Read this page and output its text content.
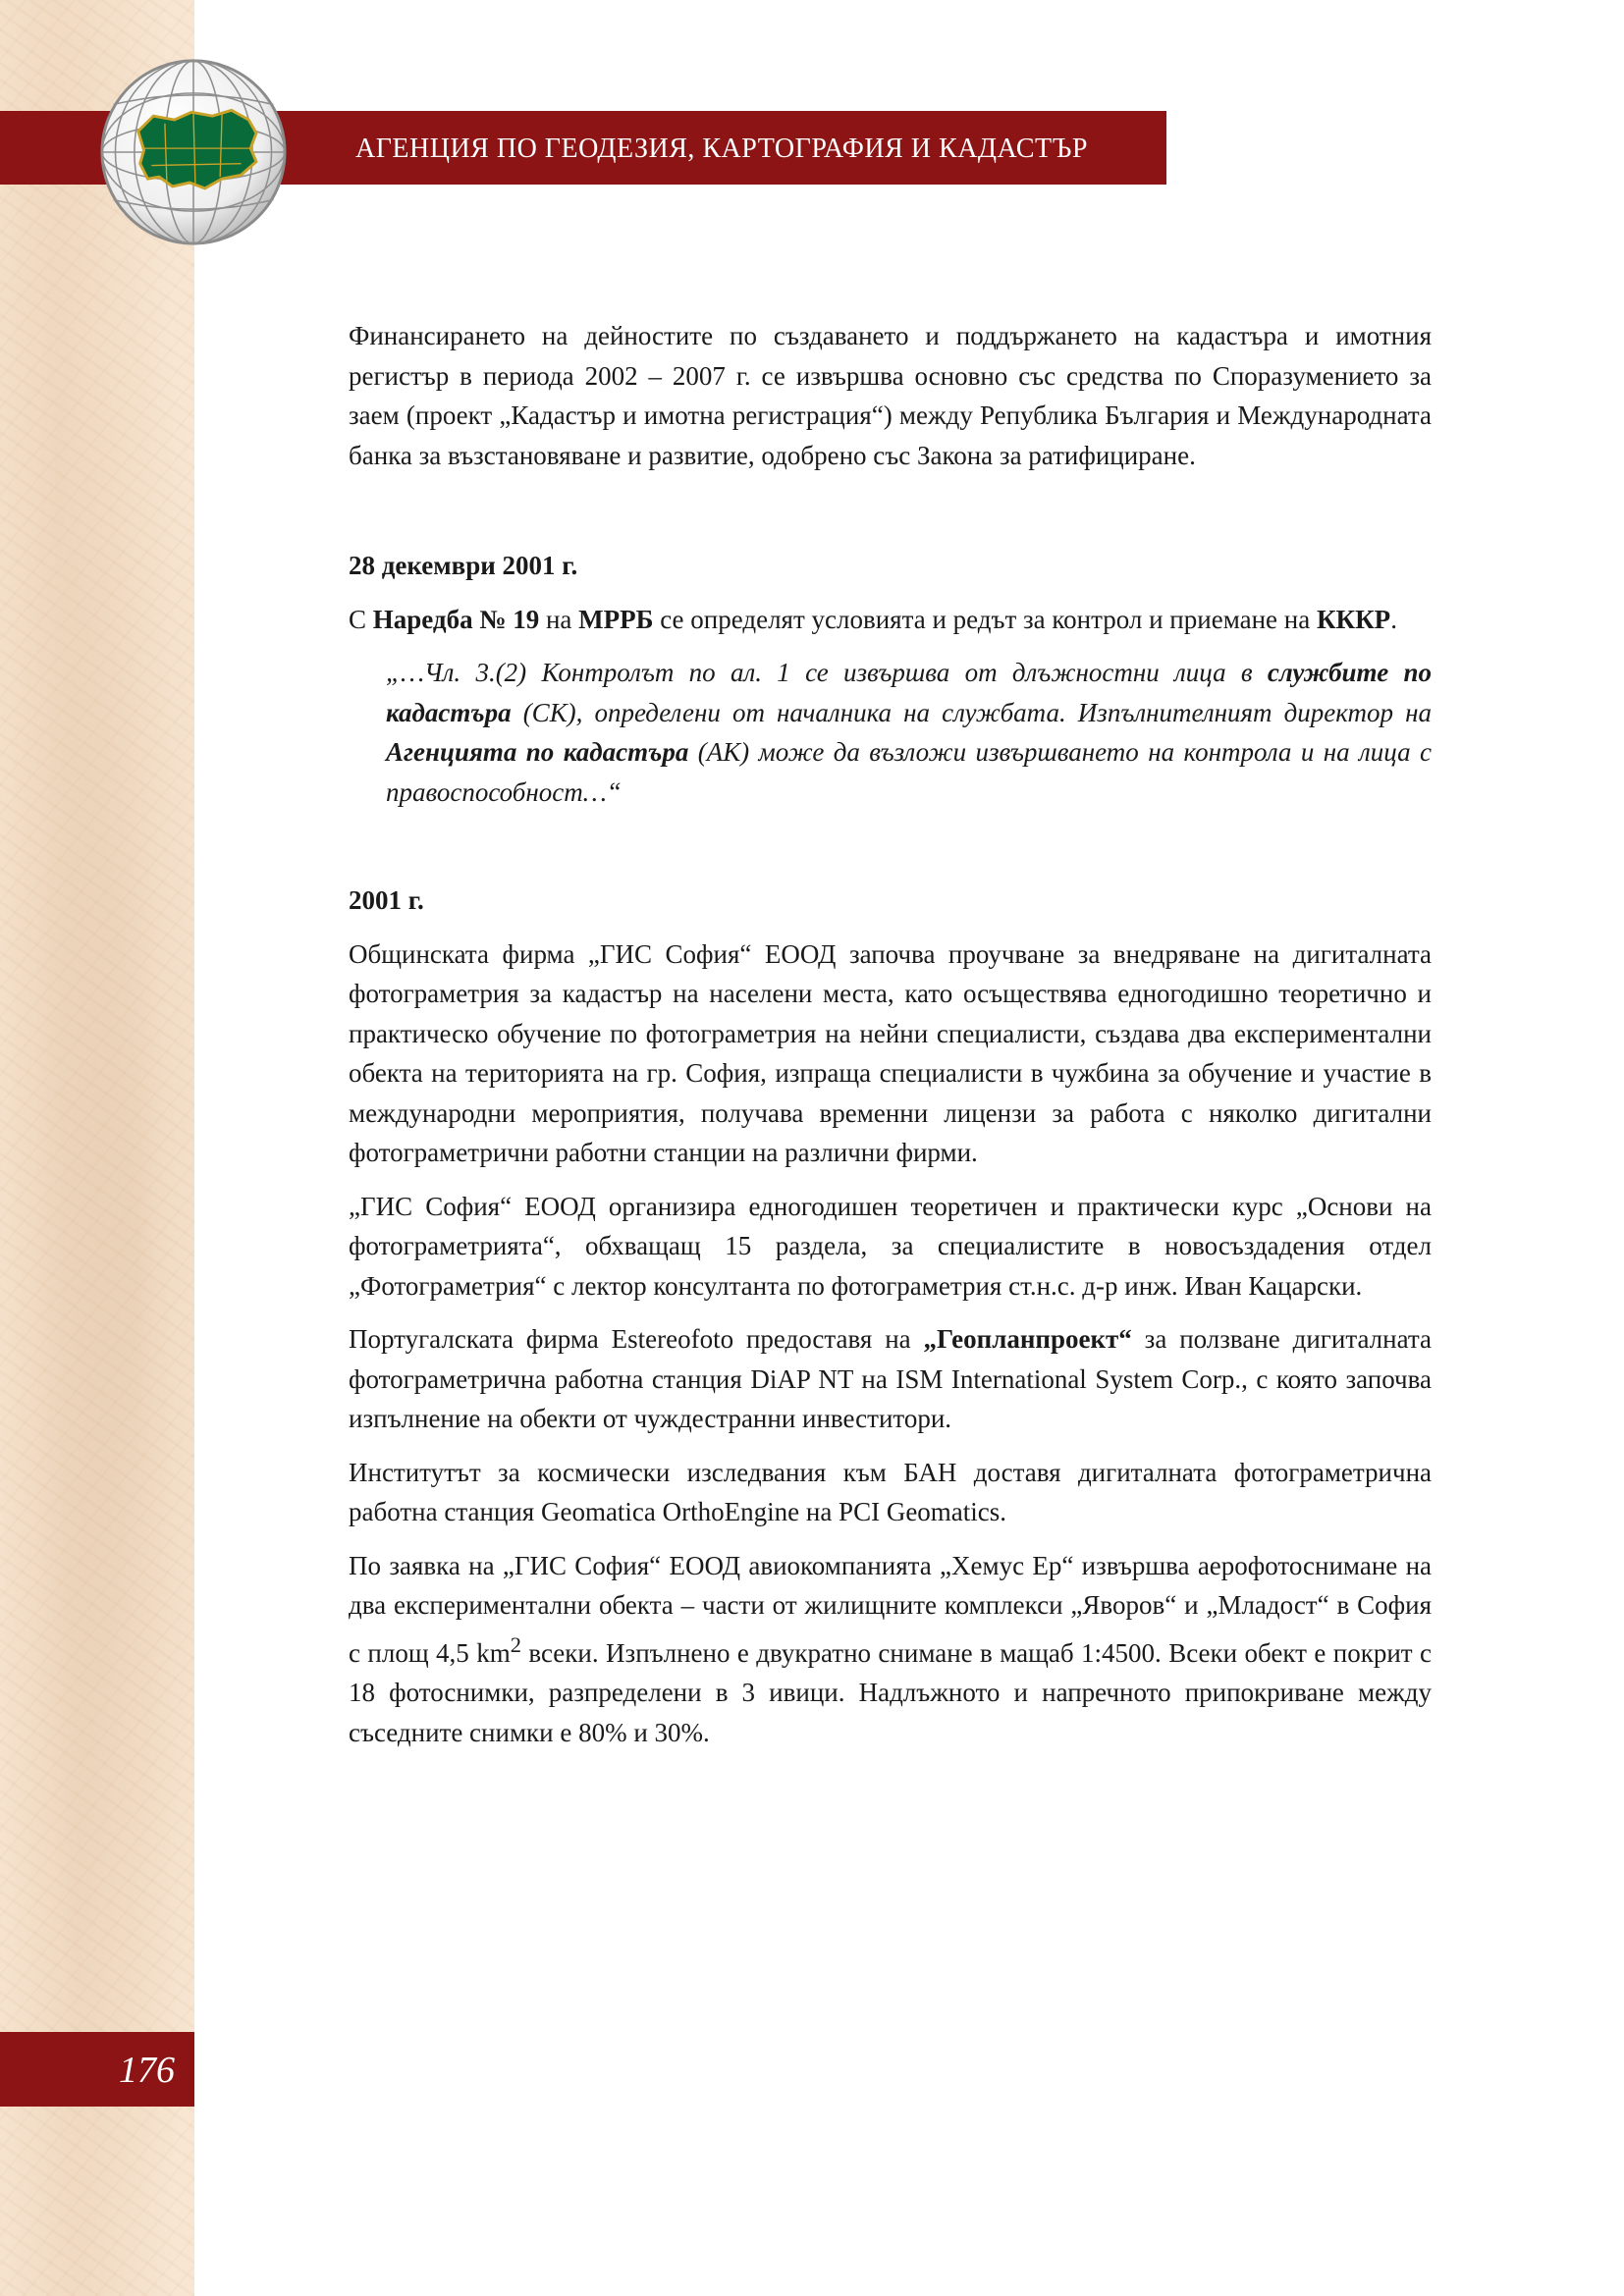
АГЕНЦИЯ ПО ГЕОДЕЗИЯ, КАРТОГРАФИЯ И КАДАСТЪР
176

Финансирането на дейностите по създаването и поддържането на кадастъра и имотния регистър в периода 2002 – 2007 г. се извършва основно със средства по Споразумението за заем (проект „Кадастър и имотна регистрация“) между Република България и Международната банка за възстановяване и развитие, одобрено със Закона за ратифициране.

28 декември 2001 г.

С Наредба № 19 на МРРБ се определят условията и редът за контрол и приемане на КККР.

„…Чл. 3.(2) Контролът по ал. 1 се извършва от длъжностни лица в службите по кадастъра (СК), определени от началника на службата. Изпълнителният директор на Агенцията по кадастъра (АК) може да възложи извършването на контрола и на лица с правоспособност…“

2001 г.

Общинската фирма „ГИС София“ ЕООД започва проучване за внедряване на дигиталната фотограметрия за кадастър на населени места, като осъществява едногодишно теоретично и практическо обучение по фотограметрия на нейни специалисти, създава два експериментални обекта на територията на гр. София, изпраща специалисти в чужбина за обучение и участие в международни мероприятия, получава временни лицензи за работа с няколко дигитални фотограметрични работни станции на различни фирми.

„ГИС София“ ЕООД организира едногодишен теоретичен и практически курс „Основи на фотограметрията“, обхващащ 15 раздела, за специалистите в новосъздадения отдел „Фотограметрия“ с лектор консултанта по фотограметрия ст.н.с. д-р инж. Иван Кацарски.

Португалската фирма Estereofoto предоставя на „Геопланпроект“ за ползване дигиталната фотограметрична работна станция DiAP NT на ISM International System Corp., с която започва изпълнение на обекти от чуждестранни инвеститори.

Институтът за космически изследвания към БАН доставя дигиталната фотограметрична работна станция Geomatica OrthoEngine на PCI Geomatics.

По заявка на „ГИС София“ ЕООД авиокомпанията „Хемус Ер“ извършва аерофотоснимане на два експериментални обекта – части от жилищните комплекси „Яворов“ и „Младост“ в София с площ 4,5 $km^2$ всеки. Изпълнено е двукратно снимане в мащаб 1:4500. Всеки обект е покрит с 18 фотоснимки, разпределени в 3 ивици. Надлъжното и напречното припокриване между съседните снимки е 80% и 30%.
